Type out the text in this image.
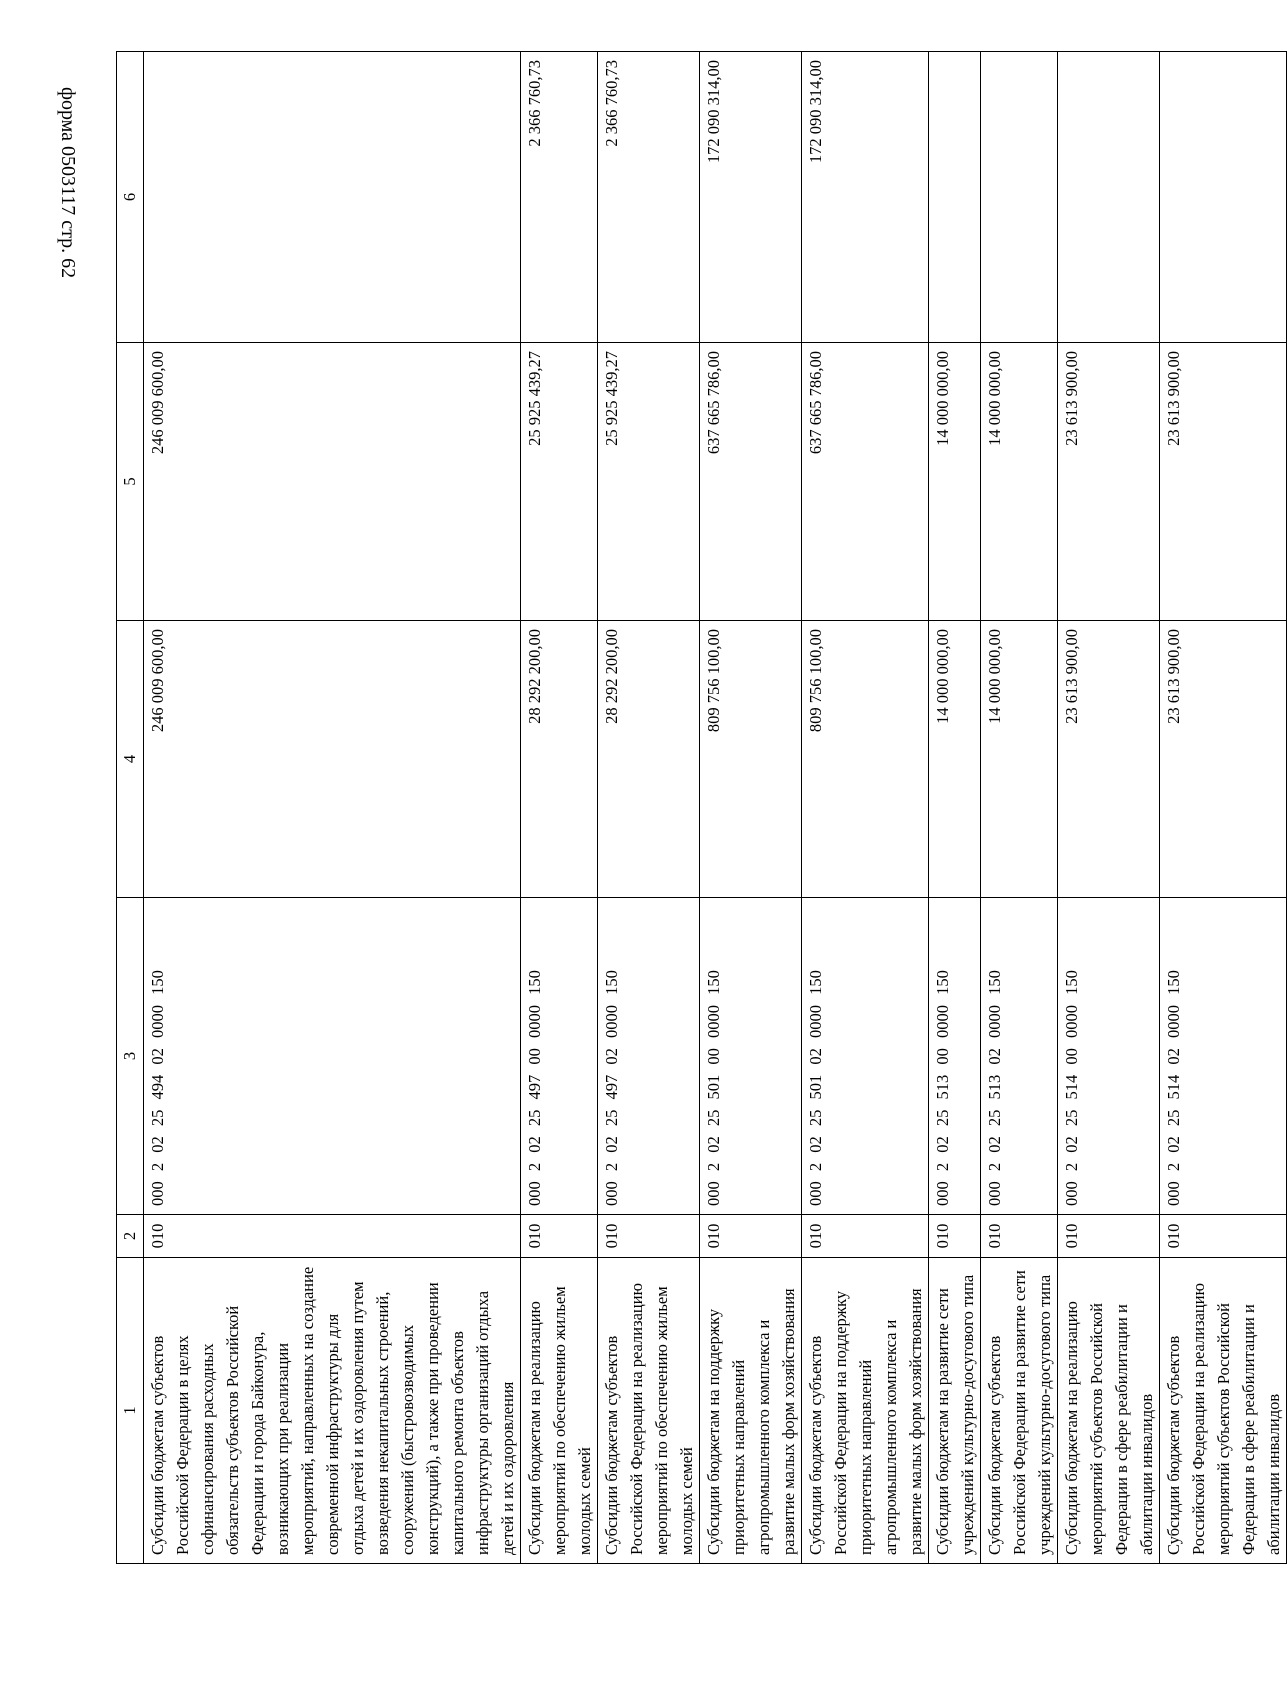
форма 0503117 стр. 62
1	2	3	4	5	6
Субсидии бюджетам субъектов Российской Федерации в целях софинансирования расходных обязательств субъектов Российской Федерации и города Байконура, возникающих при реализации мероприятий, направленных на создание современной инфраструктуры для отдыха детей и их оздоровления путем возведения некапитальных строений, сооружений (быстровозводимых конструкций), а также при проведении капитального ремонта объектов инфраструктуры организаций отдыха детей и их оздоровления	010	000 2 02 25 494 02 0000 150	246 009 600,00	246 009 600,00	
Субсидии бюджетам на реализацию мероприятий по обеспечению жильем молодых семей	010	000 2 02 25 497 00 0000 150	28 292 200,00	25 925 439,27	2 366 760,73
Субсидии бюджетам субъектов Российской Федерации на реализацию мероприятий по обеспечению жильем молодых семей	010	000 2 02 25 497 02 0000 150	28 292 200,00	25 925 439,27	2 366 760,73
Субсидии бюджетам на поддержку приоритетных направлений агропромышленного комплекса и развитие малых форм хозяйствования	010	000 2 02 25 501 00 0000 150	809 756 100,00	637 665 786,00	172 090 314,00
Субсидии бюджетам субъектов Российской Федерации на поддержку приоритетных направлений агропромышленного комплекса и развитие малых форм хозяйствования	010	000 2 02 25 501 02 0000 150	809 756 100,00	637 665 786,00	172 090 314,00
Субсидии бюджетам на развитие сети учреждений культурно-досугового типа	010	000 2 02 25 513 00 0000 150	14 000 000,00	14 000 000,00	
Субсидии бюджетам субъектов Российской Федерации на развитие сети учреждений культурно-досугового типа	010	000 2 02 25 513 02 0000 150	14 000 000,00	14 000 000,00	
Субсидии бюджетам на реализацию мероприятий субъектов Российской Федерации в сфере реабилитации и абилитации инвалидов	010	000 2 02 25 514 00 0000 150	23 613 900,00	23 613 900,00	
Субсидии бюджетам субъектов Российской Федерации на реализацию мероприятий субъектов Российской Федерации в сфере реабилитации и абилитации инвалидов	010	000 2 02 25 514 02 0000 150	23 613 900,00	23 613 900,00	
